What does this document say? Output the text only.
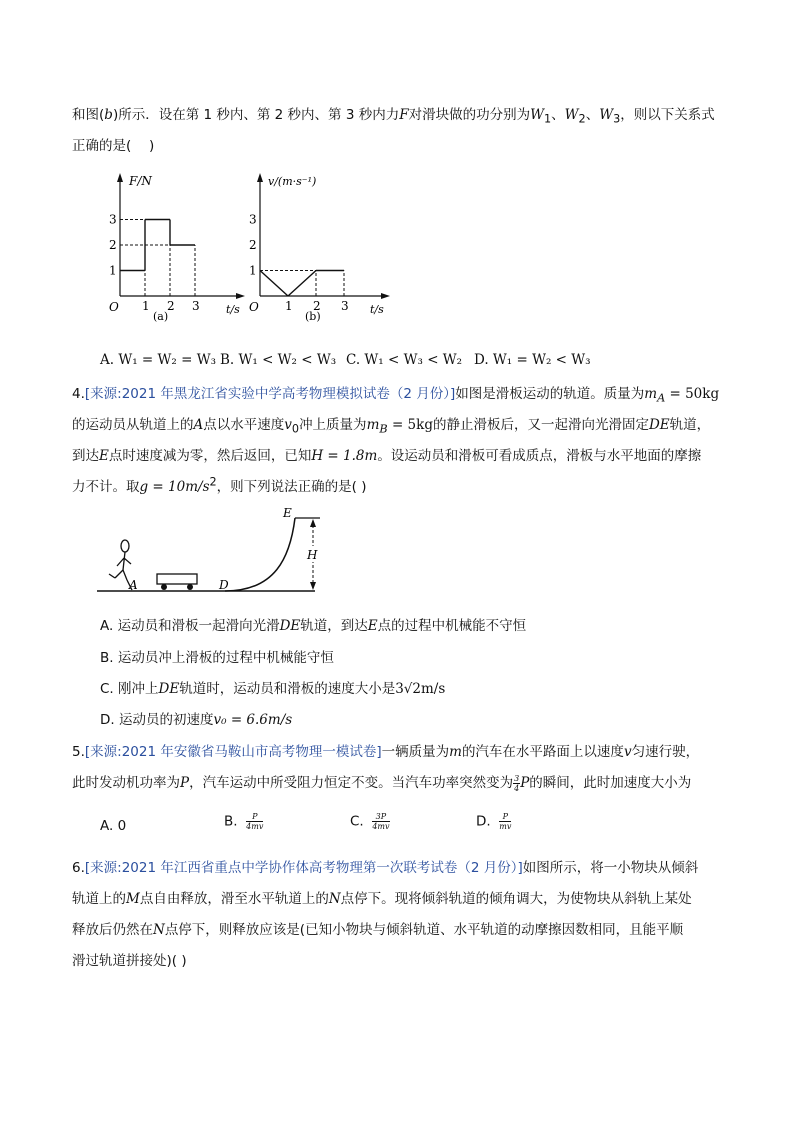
和图(b)所示．设在第 1 秒内、第 2 秒内、第 3 秒内力F对滑块做的功分别为$W_1$、$W_2$、$W_3$，则以下关系式
正确的是(　 )
F/N
t/s
O
(a)
1
2
3
1 2 3
v/(m·s⁻¹)
t/s
O
(b)
1
2
3
1 2 3
A. W₁ = W₂ = W₃ B. W₁ < W₂ < W₃ C. W₁ < W₃ < W₂ D. W₁ = W₂ < W₃
4.[来源:2021 年黑龙江省实验中学高考物理模拟试卷（2 月份）]如图是滑板运动的轨道。质量为$m_A = 50kg$
的运动员从轨道上的A点以水平速度$v_0$冲上质量为$m_B = 5kg$的静止滑板后，又一起滑向光滑固定DE轨道，
到达E点时速度减为零，然后返回，已知H = 1.8m。设运动员和滑板可看成质点，滑板与水平地面的摩擦
力不计。取$g = 10m/s^2$，则下列说法正确的是( )
H
E
D
A
A. 运动员和滑板一起滑向光滑DE轨道，到达E点的过程中机械能不守恒
B. 运动员冲上滑板的过程中机械能守恒
C. 刚冲上DE轨道时，运动员和滑板的速度大小是3√2m/s
D. 运动员的初速度v₀ = 6.6m/s
5.[来源:2021 年安徽省马鞍山市高考物理一模试卷]一辆质量为m的汽车在水平路面上以速度v匀速行驶，
此时发动机功率为P，汽车运动中所受阻力恒定不变。当汽车功率突然变为 $\frac{3}{4}$ P的瞬间，此时加速度大小为
A. 0	B. $\frac{P}{4mv}$	C. $\frac{3P}{4mv}$	D. $\frac{P}{mv}$
6.[来源:2021 年江西省重点中学协作体高考物理第一次联考试卷（2 月份）]如图所示，将一小物块从倾斜
轨道上的M点自由释放，滑至水平轨道上的N点停下。现将倾斜轨道的倾角调大，为使物块从斜轨上某处
释放后仍然在N点停下，则释放应该是(已知小物块与倾斜轨道、水平轨道的动摩擦因数相同，且能平顺
滑过轨道拼接处)( )
